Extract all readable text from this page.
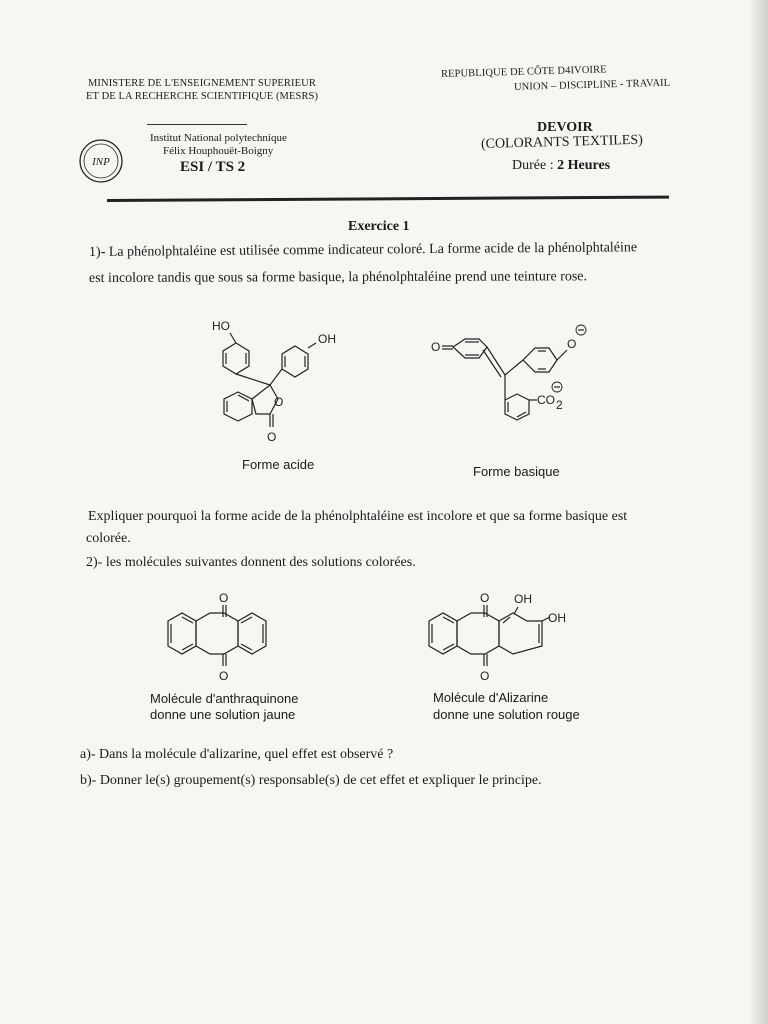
MINISTERE DE L'ENSEIGNEMENT SUPERIEUR
ET DE LA RECHERCHE SCIENTIFIQUE (MESRS)
REPUBLIQUE DE CÔTE D4IVOIRE
UNION – DISCIPLINE - TRAVAIL
INP
Institut National polytechnique
Félix Houphouët-Boigny
ESI / TS 2
DEVOIR
(COLORANTS TEXTILES)
Durée : 2 Heures
Exercice 1
1)- La phénolphtaléine est utilisée comme indicateur coloré. La forme acide de la phénolphtaléine
est incolore tandis que sous sa forme basique, la phénolphtaléine prend une teinture rose.
HO
OH
O
O
Forme acide
O	O
CO 2
Forme basique
Expliquer pourquoi la forme acide de la phénolphtaléine est incolore et que sa forme basique est
colorée.
2)- les molécules suivantes donnent des solutions colorées.
O
O
Molécule d'anthraquinone
donne une solution jaune
O OH
OH
O
Molécule d'Alizarine
donne une solution rouge
a)- Dans la molécule d'alizarine, quel effet est observé ?
b)- Donner le(s) groupement(s) responsable(s) de cet effet et expliquer le principe.
